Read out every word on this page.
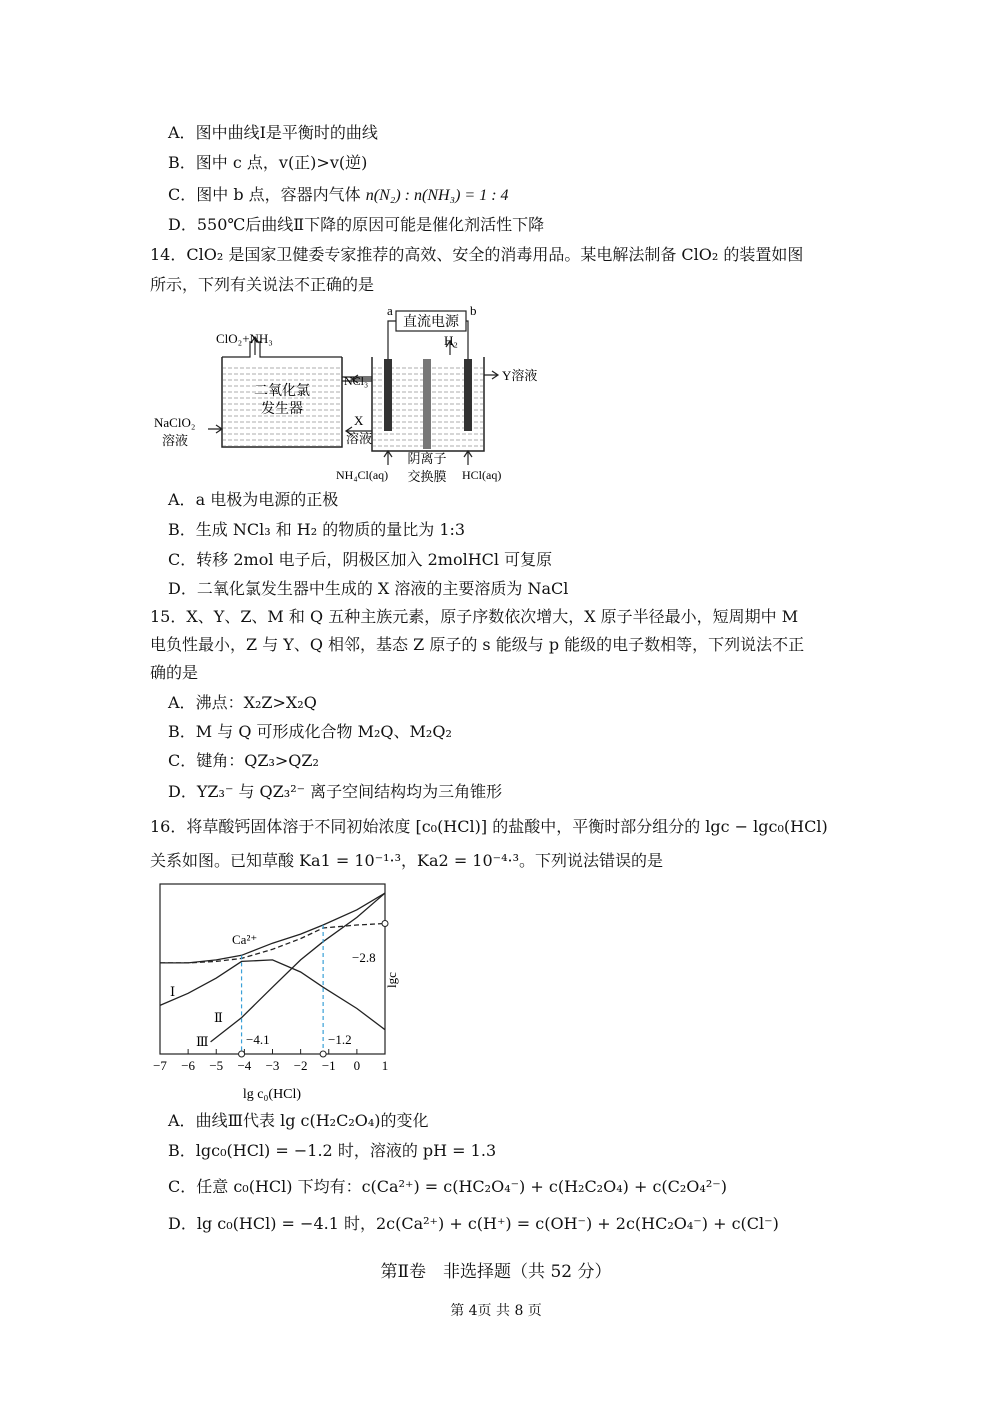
A．图中曲线Ⅰ是平衡时的曲线
B．图中 c 点，v(正)>v(逆)
C．图中 b 点，容器内气体 n(N₂) : n(NH₃) = 1 : 4
D．550℃后曲线Ⅱ下降的原因可能是催化剂活性下降
14．ClO₂ 是国家卫健委专家推荐的高效、安全的消毒用品。某电解法制备 ClO₂ 的装置如图
所示，下列有关说法不正确的是
直流电源
a	b
ClO₂+NH₃	H₂
Y溶液
二氧化氯
发生器
NCl₃
X
溶液
NaClO₂
溶液
阴离子
交换膜
NH₄Cl(aq)	HCl(aq)
A．a 电极为电源的正极
B．生成 NCl₃ 和 H₂ 的物质的量比为 1:3
C．转移 2mol 电子后，阴极区加入 2molHCl 可复原
D．二氧化氯发生器中生成的 X 溶液的主要溶质为 NaCl
15．X、Y、Z、M 和 Q 五种主族元素，原子序数依次增大，X 原子半径最小，短周期中 M
电负性最小，Z 与 Y、Q 相邻，基态 Z 原子的 s 能级与 p 能级的电子数相等，下列说法不正
确的是
A．沸点：X₂Z>X₂Q
B．M 与 Q 可形成化合物 M₂Q、M₂Q₂
C．键角：QZ₃>QZ₂
D．YZ₃⁻ 与 QZ₃²⁻ 离子空间结构均为三角锥形
16．将草酸钙固体溶于不同初始浓度 [c₀(HCl)] 的盐酸中，平衡时部分组分的 lgc − lgc₀(HCl)
关系如图。已知草酸 Ka1 = 10⁻¹·³，Ka2 = 10⁻⁴·³。下列说法错误的是
−7 −6 −5 −4 −3 −2 −1 0 1
lgc
lg c₀(HCl)
Ca²⁺
Ⅰ
Ⅱ
Ⅲ	−4.1	−1.2
−2.8
A．曲线Ⅲ代表 lg c(H₂C₂O₄)的变化
B．lgc₀(HCl) = −1.2 时，溶液的 pH = 1.3
C．任意 c₀(HCl) 下均有：c(Ca²⁺) = c(HC₂O₄⁻) + c(H₂C₂O₄) + c(C₂O₄²⁻)
D．lg c₀(HCl) = −4.1 时，2c(Ca²⁺) + c(H⁺) = c(OH⁻) + 2c(HC₂O₄⁻) + c(Cl⁻)
第Ⅱ卷　非选择题（共 52 分）
第 4页 共 8 页
